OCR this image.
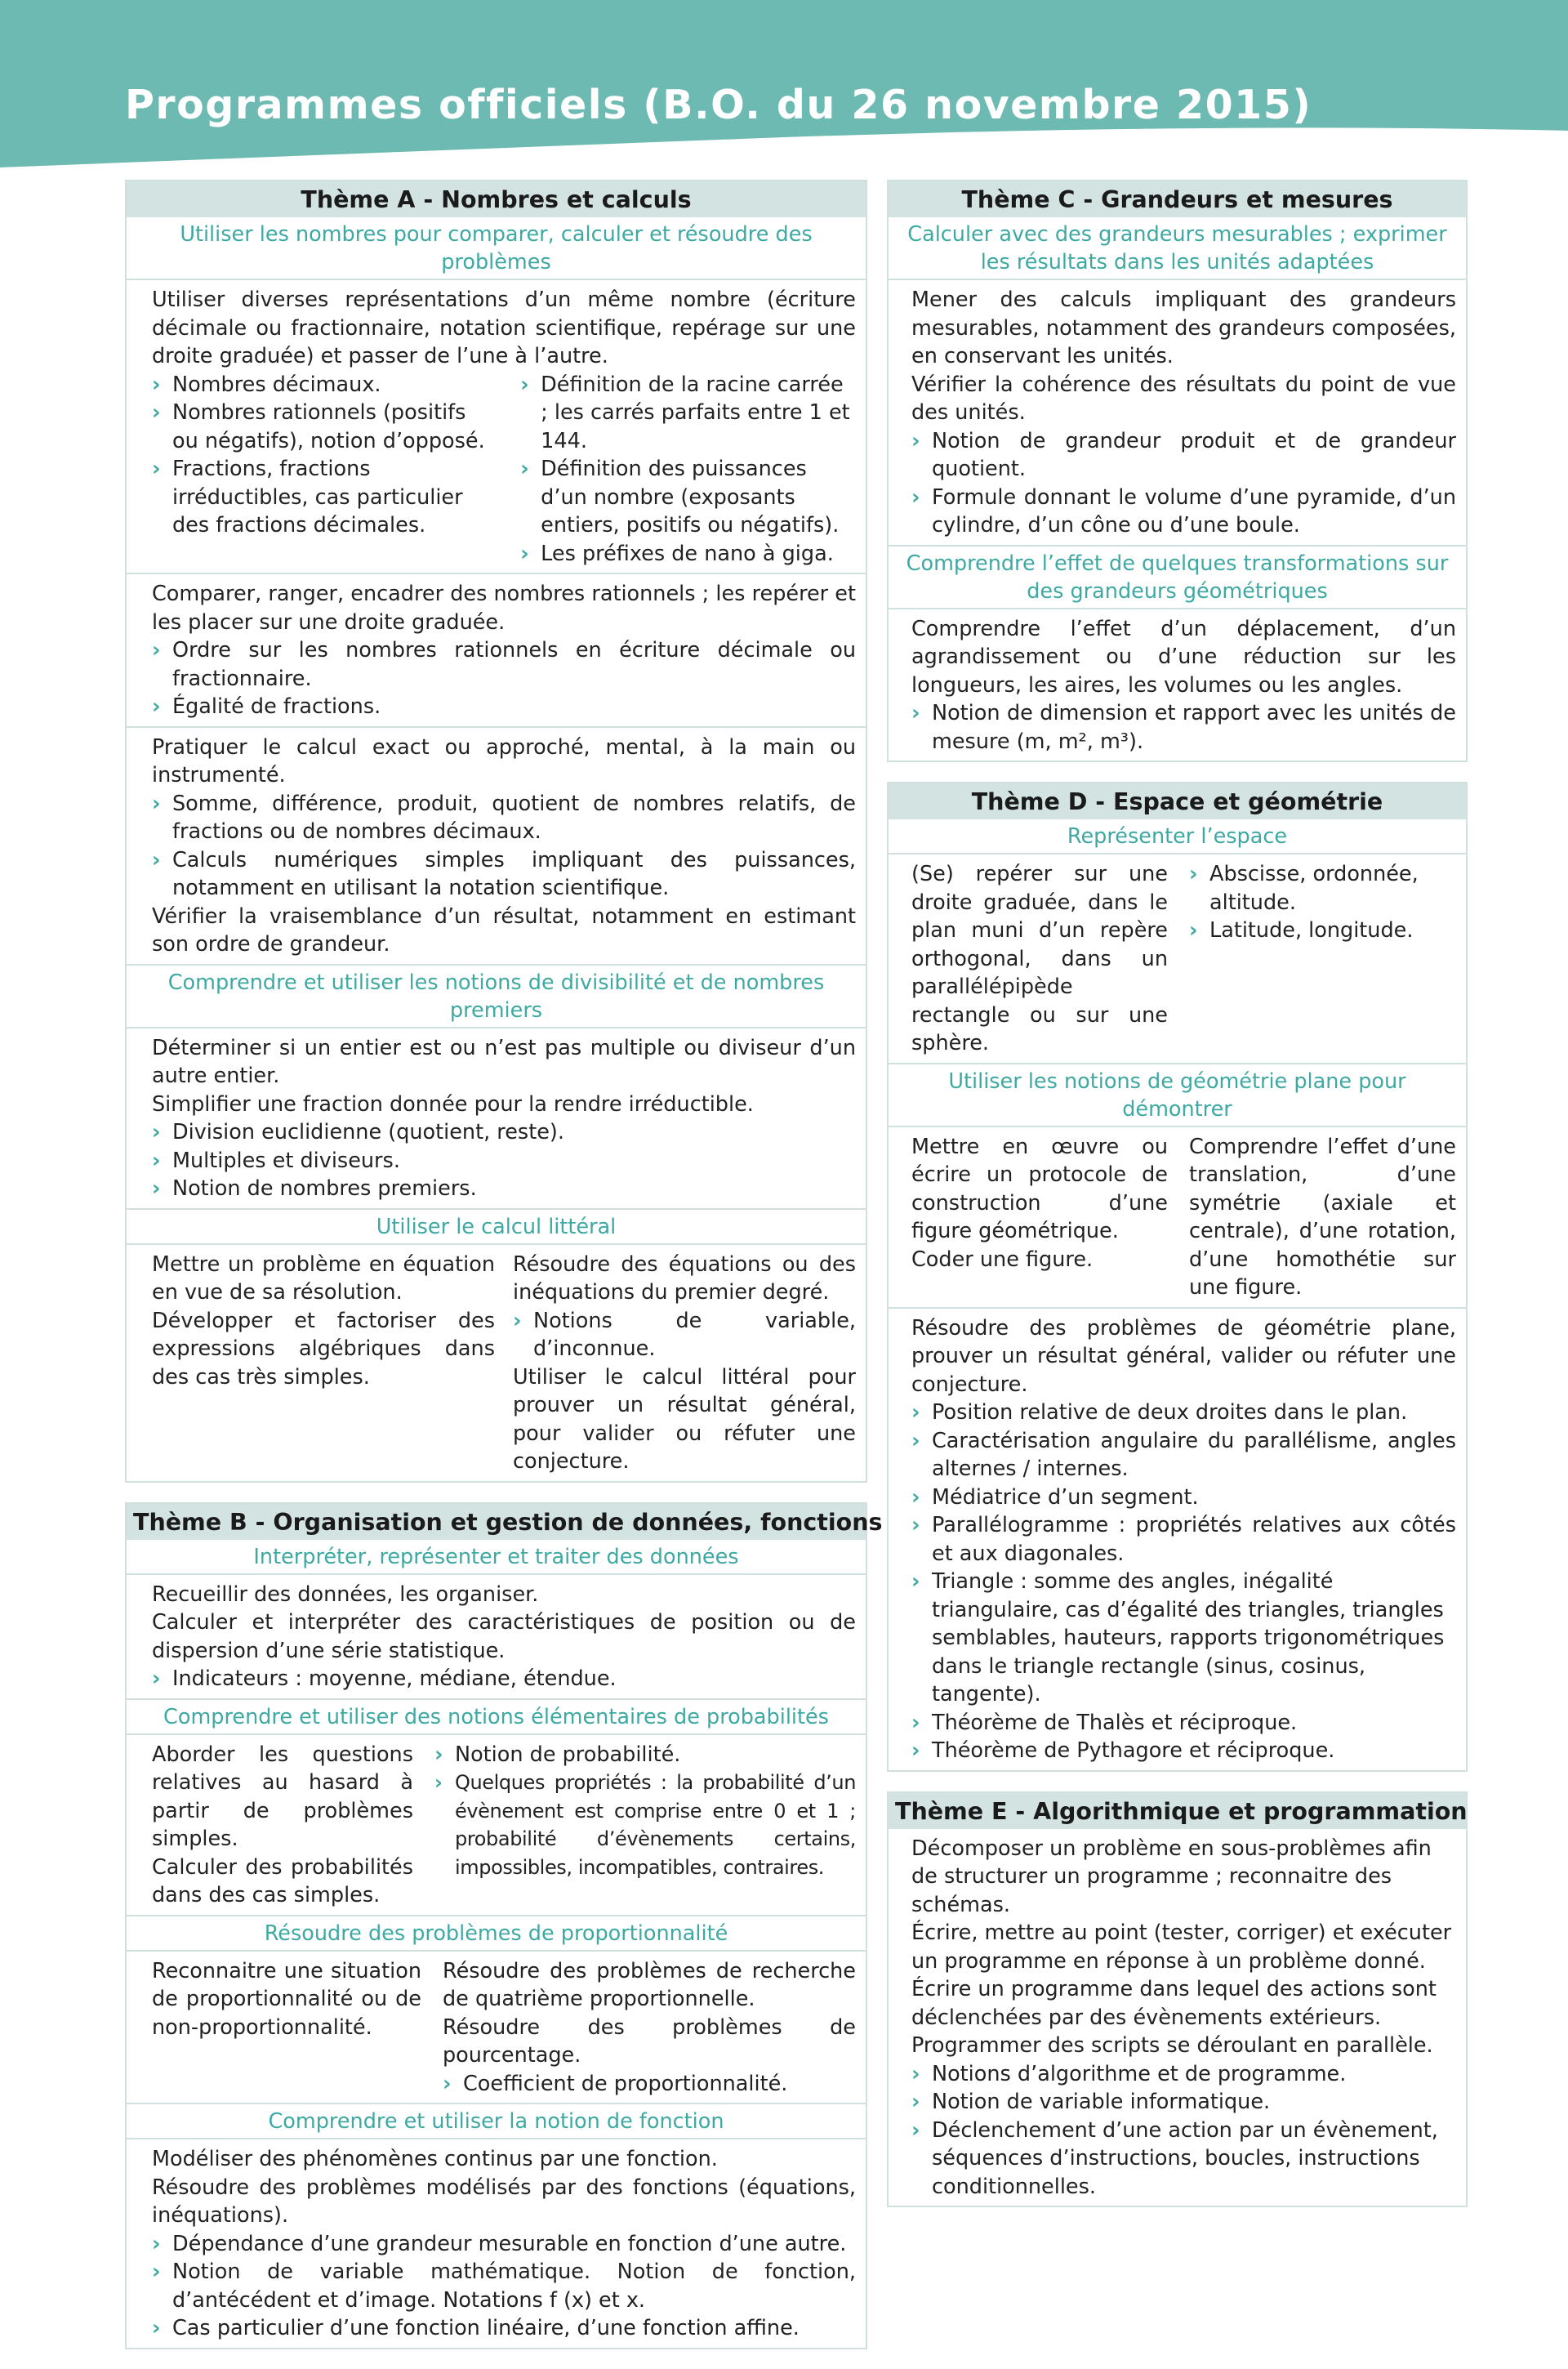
Programmes officiels (B.O. du 26 novembre 2015)
Thème A - Nombres et calculs
Utiliser les nombres pour comparer, calculer et résoudre des problèmes

Utiliser diverses représentations d’un même nombre (écriture décimale ou fractionnaire, notation scientifique, repérage sur une droite graduée) et passer de l’une à l’autre.

› Nombres décimaux.
› Nombres rationnels (positifs ou négatifs), notion d’opposé.
› Fractions, fractions irréductibles, cas particulier des fractions décimales.
› Définition de la racine carrée ; les carrés parfaits entre 1 et 144.
› Définition des puissances d’un nombre (exposants entiers, positifs ou négatifs).
› Les préfixes de nano à giga.

Comparer, ranger, encadrer des nombres rationnels ; les repérer et les placer sur une droite graduée.

› Ordre sur les nombres rationnels en écriture décimale ou fractionnaire.
› Égalité de fractions.

Pratiquer le calcul exact ou approché, mental, à la main ou instrumenté.

› Somme, différence, produit, quotient de nombres relatifs, de fractions ou de nombres décimaux.
› Calculs numériques simples impliquant des puissances, notamment en utilisant la notation scientifique.

Vérifier la vraisemblance d’un résultat, notamment en estimant son ordre de grandeur.

Comprendre et utiliser les notions de divisibilité et de nombres premiers

Déterminer si un entier est ou n’est pas multiple ou diviseur d’un autre entier.

Simplifier une fraction donnée pour la rendre irréductible.

› Division euclidienne (quotient, reste).
› Multiples et diviseurs.
› Notion de nombres premiers.
Utiliser le calcul littéral

Mettre un problème en équation en vue de sa résolution.

Développer et factoriser des expressions algébriques dans des cas très simples.

Résoudre des équations ou des inéquations du premier degré.

› Notions de variable, d’inconnue.

Utiliser le calcul littéral pour prouver un résultat général, pour valider ou réfuter une conjecture.

Thème B - Organisation et gestion de données, fonctions
Interpréter, représenter et traiter des données

Recueillir des données, les organiser.

Calculer et interpréter des caractéristiques de position ou de dispersion d’une série statistique.

› Indicateurs : moyenne, médiane, étendue.
Comprendre et utiliser des notions élémentaires de probabilités

Aborder les questions relatives au hasard à partir de problèmes simples.

Calculer des probabilités dans des cas simples.

› Notion de probabilité.
› Quelques propriétés : la probabilité d’un évènement est comprise entre 0 et 1 ; probabilité d’évènements certains, impossibles, incompatibles, contraires.
Résoudre des problèmes de proportionnalité

Reconnaitre une situation de proportionnalité ou de non-proportionnalité.

Résoudre des problèmes de recherche de quatrième proportionnelle.

Résoudre des problèmes de pourcentage.

› Coefficient de proportionnalité.
Comprendre et utiliser la notion de fonction

Modéliser des phénomènes continus par une fonction.

Résoudre des problèmes modélisés par des fonctions (équations, inéquations).

› Dépendance d’une grandeur mesurable en fonction d’une autre.
› Notion de variable mathématique. Notion de fonction, d’antécédent et d’image. Notations f (x) et x.
› Cas particulier d’une fonction linéaire, d’une fonction affine.
Thème C - Grandeurs et mesures
Calculer avec des grandeurs mesurables ; exprimer les résultats dans les unités adaptées

Mener des calculs impliquant des grandeurs mesurables, notamment des grandeurs composées, en conservant les unités.

Vérifier la cohérence des résultats du point de vue des unités.

› Notion de grandeur produit et de grandeur quotient.
› Formule donnant le volume d’une pyramide, d’un cylindre, d’un cône ou d’une boule.
Comprendre l’effet de quelques transformations sur des grandeurs géométriques

Comprendre l’effet d’un déplacement, d’un agrandissement ou d’une réduction sur les longueurs, les aires, les volumes ou les angles.

› Notion de dimension et rapport avec les unités de mesure (m, m², m³).
Thème D - Espace et géométrie
Représenter l’espace

(Se) repérer sur une droite graduée, dans le plan muni d’un repère orthogonal, dans un parallélépipède rectangle ou sur une sphère.

› Abscisse, ordonnée, altitude.
› Latitude, longitude.
Utiliser les notions de géométrie plane pour démontrer

Mettre en œuvre ou écrire un protocole de construction d’une figure géométrique.

Coder une figure.

Comprendre l’effet d’une translation, d’une symétrie (axiale et centrale), d’une rotation, d’une homothétie sur une figure.

Résoudre des problèmes de géométrie plane, prouver un résultat général, valider ou réfuter une conjecture.

› Position relative de deux droites dans le plan.
› Caractérisation angulaire du parallélisme, angles alternes / internes.
› Médiatrice d’un segment.
› Parallélogramme : propriétés relatives aux côtés et aux diagonales.
› Triangle : somme des angles, inégalité triangulaire, cas d’égalité des triangles, triangles semblables, hauteurs, rapports trigonométriques dans le triangle rectangle (sinus, cosinus, tangente).
› Théorème de Thalès et réciproque.
› Théorème de Pythagore et réciproque.
Thème E - Algorithmique et programmation

Décomposer un problème en sous-problèmes afin de structurer un programme ; reconnaitre des schémas.

Écrire, mettre au point (tester, corriger) et exécuter un programme en réponse à un problème donné.

Écrire un programme dans lequel des actions sont déclenchées par des évènements extérieurs.

Programmer des scripts se déroulant en parallèle.

› Notions d’algorithme et de programme.
› Notion de variable informatique.
› Déclenchement d’une action par un évènement, séquences d’instructions, boucles, instructions conditionnelles.
